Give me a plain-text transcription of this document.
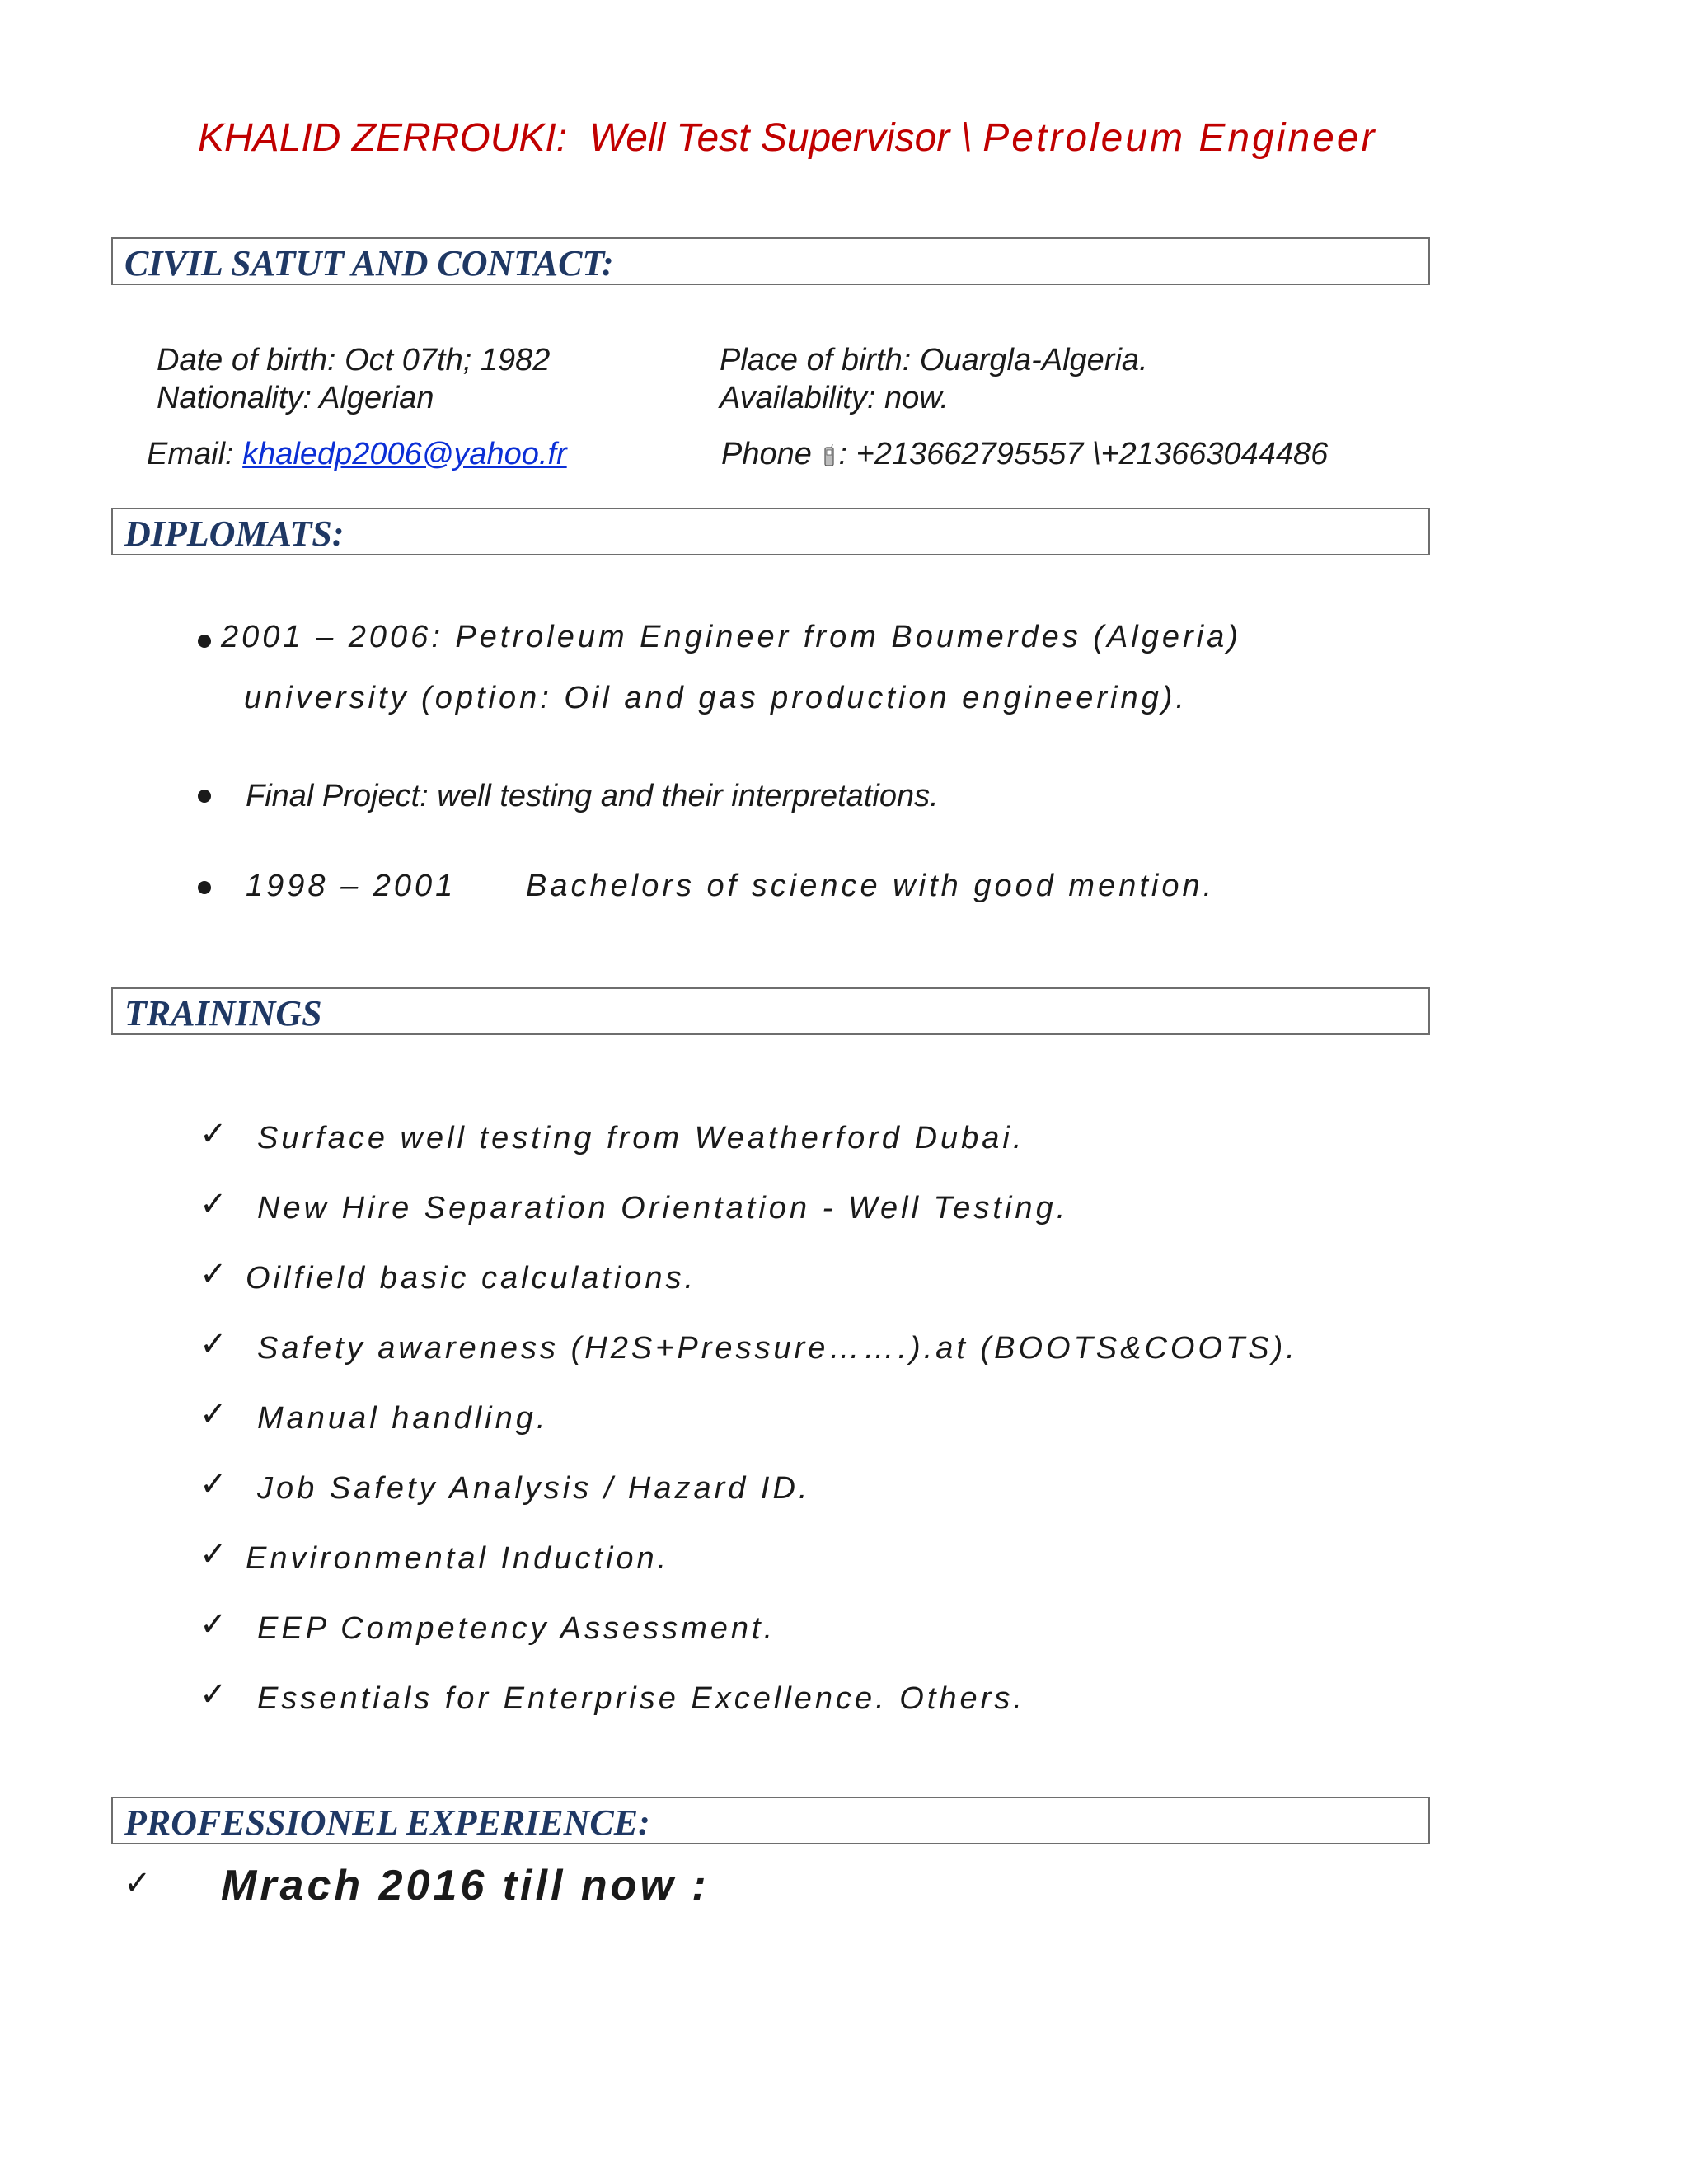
KHALID ZERROUKI: Well Test Supervisor \ Petroleum Engineer
CIVIL SATUT AND CONTACT:
Date of birth: Oct 07th; 1982
Nationality: Algerian
Place of birth: Ouargla-Algeria.
Availability: now.
Email: khaledp2006@yahoo.fr	Phone : +213662795557 \+213663044486
DIPLOMATS:
2001 – 2006: Petroleum Engineer from Boumerdes (Algeria)
university (option: Oil and gas production engineering).
Final Project: well testing and their interpretations.
1998 – 2001 Bachelors of science with good mention.
TRAININGS
✓ Surface well testing from Weatherford Dubai.
✓ New Hire Separation Orientation - Well Testing.
✓ Oilfield basic calculations.
✓ Safety awareness (H2S+Pressure…….).at (BOOTS&COOTS).
✓ Manual handling.
✓ Job Safety Analysis / Hazard ID.
✓ Environmental Induction.
✓ EEP Competency Assessment.
✓ Essentials for Enterprise Excellence. Others.
PROFESSIONEL EXPERIENCE:
✓ Mrach 2016 till now :
